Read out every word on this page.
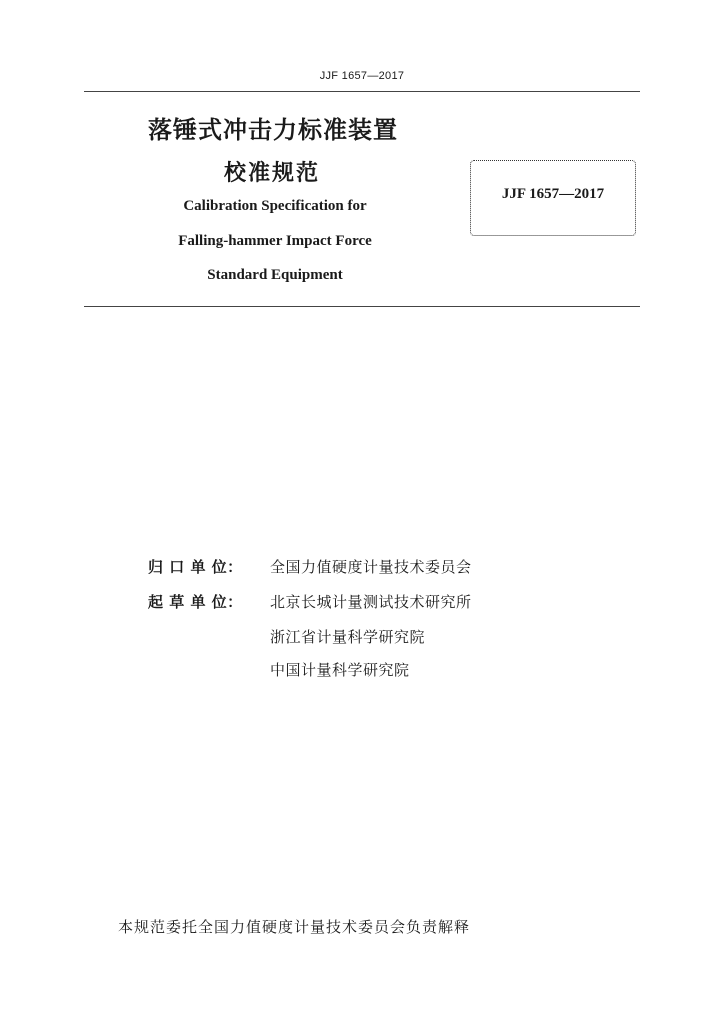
JJF 1657—2017
落锤式冲击力标准装置
校准规范
Calibration Specification for
Falling-hammer Impact Force
Standard Equipment
JJF 1657—2017
归 口 单 位： 全国力值硬度计量技术委员会
起 草 单 位： 北京长城计量测试技术研究所
浙江省计量科学研究院
中国计量科学研究院
本规范委托全国力值硬度计量技术委员会负责解释
